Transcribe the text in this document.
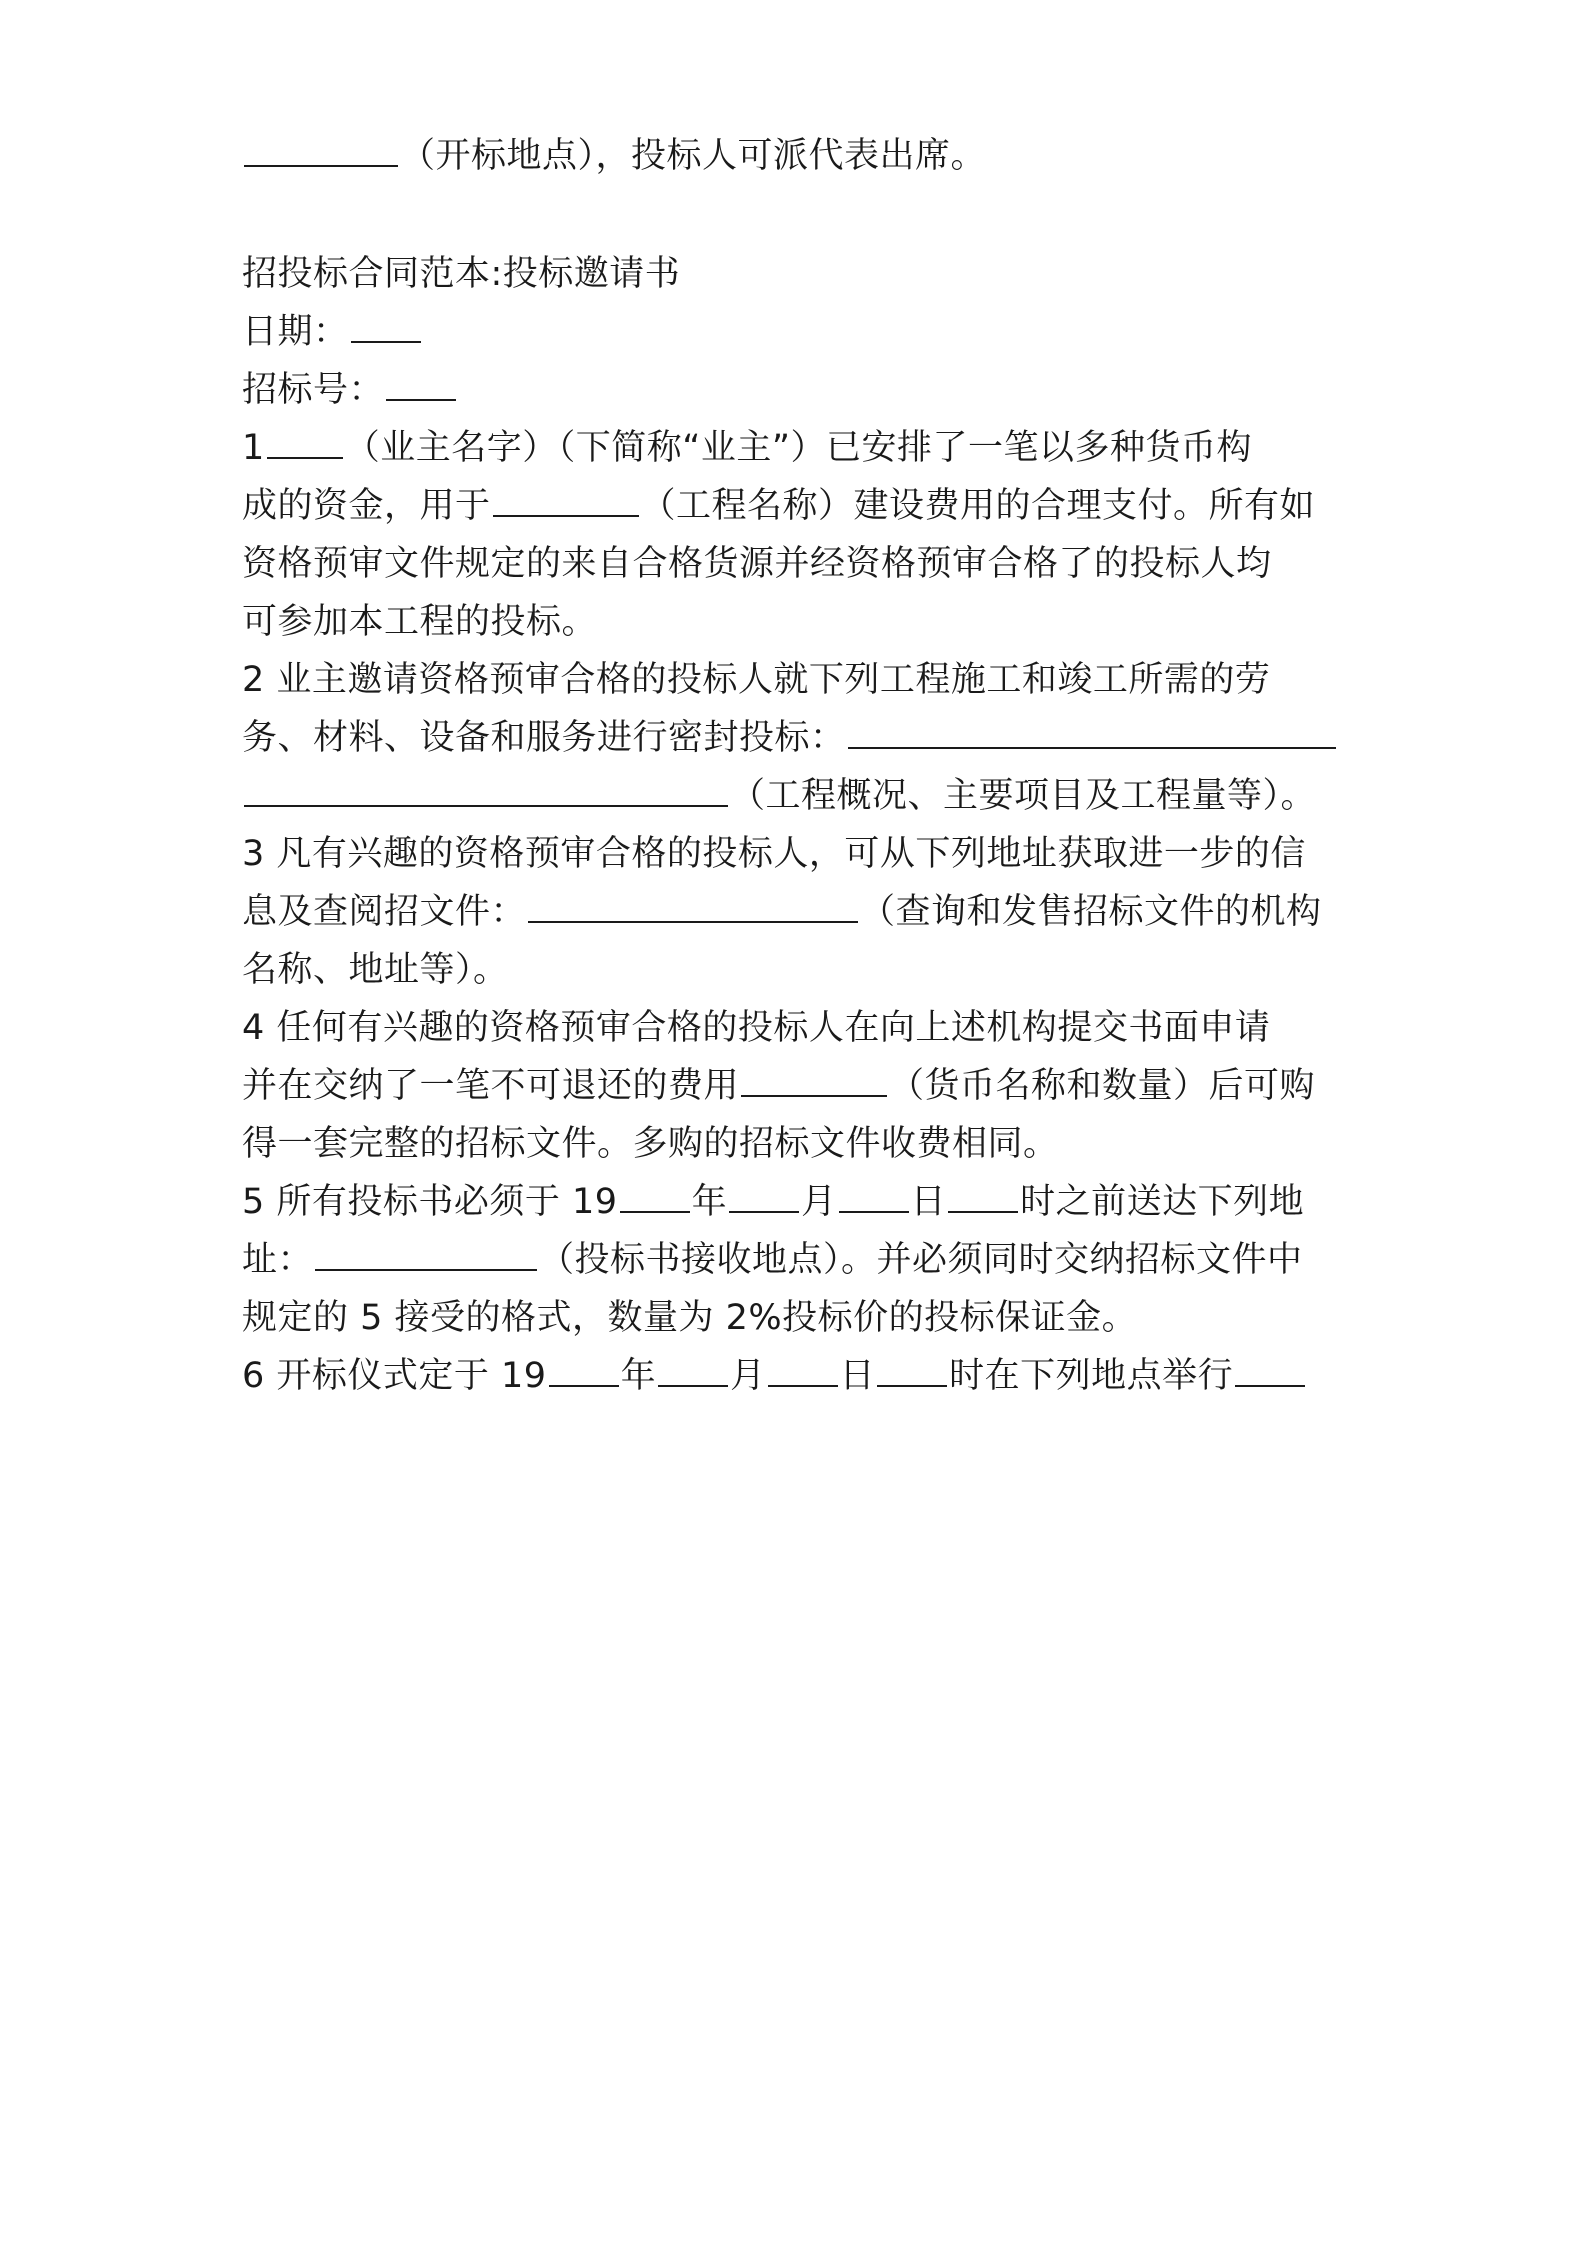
（开标地点），投标人可派代表出席。
招投标合同范本:投标邀请书
日期：
招标号：
1 （业主名字）（下简称“业主”）已安排了一笔以多种货币构
成的资金，用于	（工程名称）建设费用的合理支付。所有如
资格预审文件规定的来自合格货源并经资格预审合格了的投标人均
可参加本工程的投标。
2 业主邀请资格预审合格的投标人就下列工程施工和竣工所需的劳
务、材料、设备和服务进行密封投标：
（工程概况、主要项目及工程量等）。
3 凡有兴趣的资格预审合格的投标人，可从下列地址获取进一步的信
息及查阅招文件：	（查询和发售招标文件的机构
名称、地址等）。
4 任何有兴趣的资格预审合格的投标人在向上述机构提交书面申请
并在交纳了一笔不可退还的费用	（货币名称和数量）后可购
得一套完整的招标文件。多购的招标文件收费相同。
5 所有投标书必须于 19 年 月 日 时之前送达下列地
址：	（投标书接收地点）。并必须同时交纳招标文件中
规定的 5 接受的格式，数量为 2%投标价的投标保证金。
6 开标仪式定于 19 年 月 日 时在下列地点举行
